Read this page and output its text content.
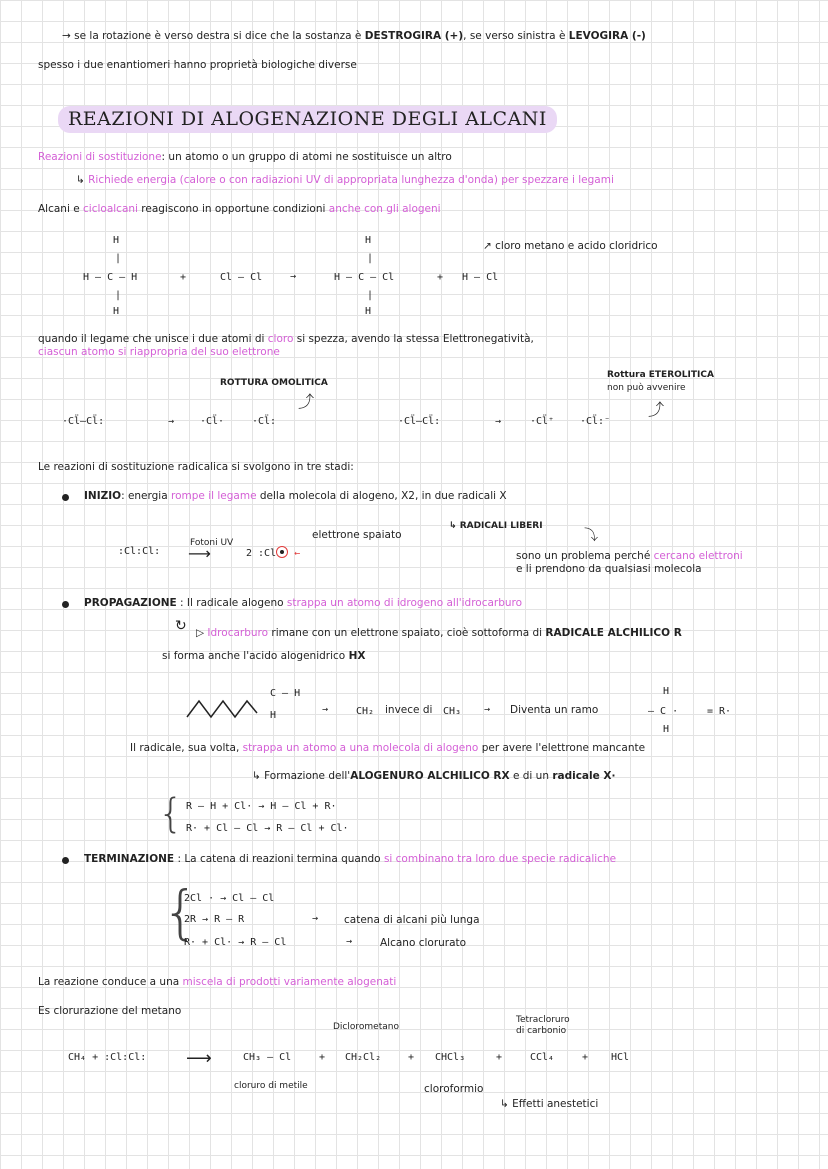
→ se la rotazione è verso destra si dice che la sostanza è DESTROGIRA (+), se verso sinistra è LEVOGIRA (-)
spesso i due enantiomeri hanno proprietà biologiche diverse
REAZIONI DI ALOGENAZIONE DEGLI ALCANI
Reazioni di sostituzione: un atomo o un gruppo di atomi ne sostituisce un altro
↳ Richiede energia (calore o con radiazioni UV di appropriata lunghezza d'onda) per spezzare i legami
Alcani e cicloalcani reagiscono in opportune condizioni anche con gli alogeni
H
|
H — C — H
|
H
+	Cl — Cl	→
H
|
H — C — Cl
|
H
+ H — Cl
↗ cloro metano e acido cloridrico
quando il legame che unisce i due atomi di cloro si spezza, avendo la stessa Elettronegatività,
ciascun atomo si riappropria del suo elettrone
ROTTURA OMOLITICA
⤴
·Cl̈—Cl̈:	→	·Cl̈·	·Cl̈:
Rottura ETEROLITICA
non può avvenire
⤴
·Cl̈—Cl̈:	→	·Cl̈⁺	·Cl̈:⁻
Le reazioni di sostituzione radicalica si svolgono in tre stadi:
INIZIO: energia rompe il legame della molecola di alogeno, X2, in due radicali X
↳ RADICALI LIBERI
⤵
Fotoni UV
:Cl:Cl: ⟶	2 :Cl ←
elettrone spaiato
sono un problema perché cercano elettroni
e li prendono da qualsiasi molecola
PROPAGAZIONE : Il radicale alogeno strappa un atomo di idrogeno all'idrocarburo
↻ ▷ Idrocarburo rimane con un elettrone spaiato, cioè sottoforma di RADICALE ALCHILICO R
si forma anche l'acido alogenidrico HX
C — H
H
→	CH₂ invece di CH₃ → Diventa un ramo
H
— C ·
H
= R·
Il radicale, sua volta, strappa un atomo a una molecola di alogeno per avere l'elettrone mancante
↳ Formazione dell'ALOGENURO ALCHILICO RX e di un radicale X·
{ R — H + Cl· → H — Cl + R·
R· + Cl — Cl → R — Cl + Cl·
TERMINAZIONE : La catena di reazioni termina quando si combinano tra loro due specie radicaliche
{
2Cl · → Cl — Cl
2R → R — R
R· + Cl· → R — Cl
→ catena di alcani più lunga
→	Alcano clorurato
La reazione conduce a una miscela di prodotti variamente alogenati
Es clorurazione del metano
Diclorometano
Tetracloruro
di carbonio
CH₄ + :Cl:Cl: ⟶	CH₃ — Cl	+ CH₂Cl₂	+ CHCl₃	+	CCl₄	+ HCl
cloruro di metile	cloroformio
↳ Effetti anestetici
